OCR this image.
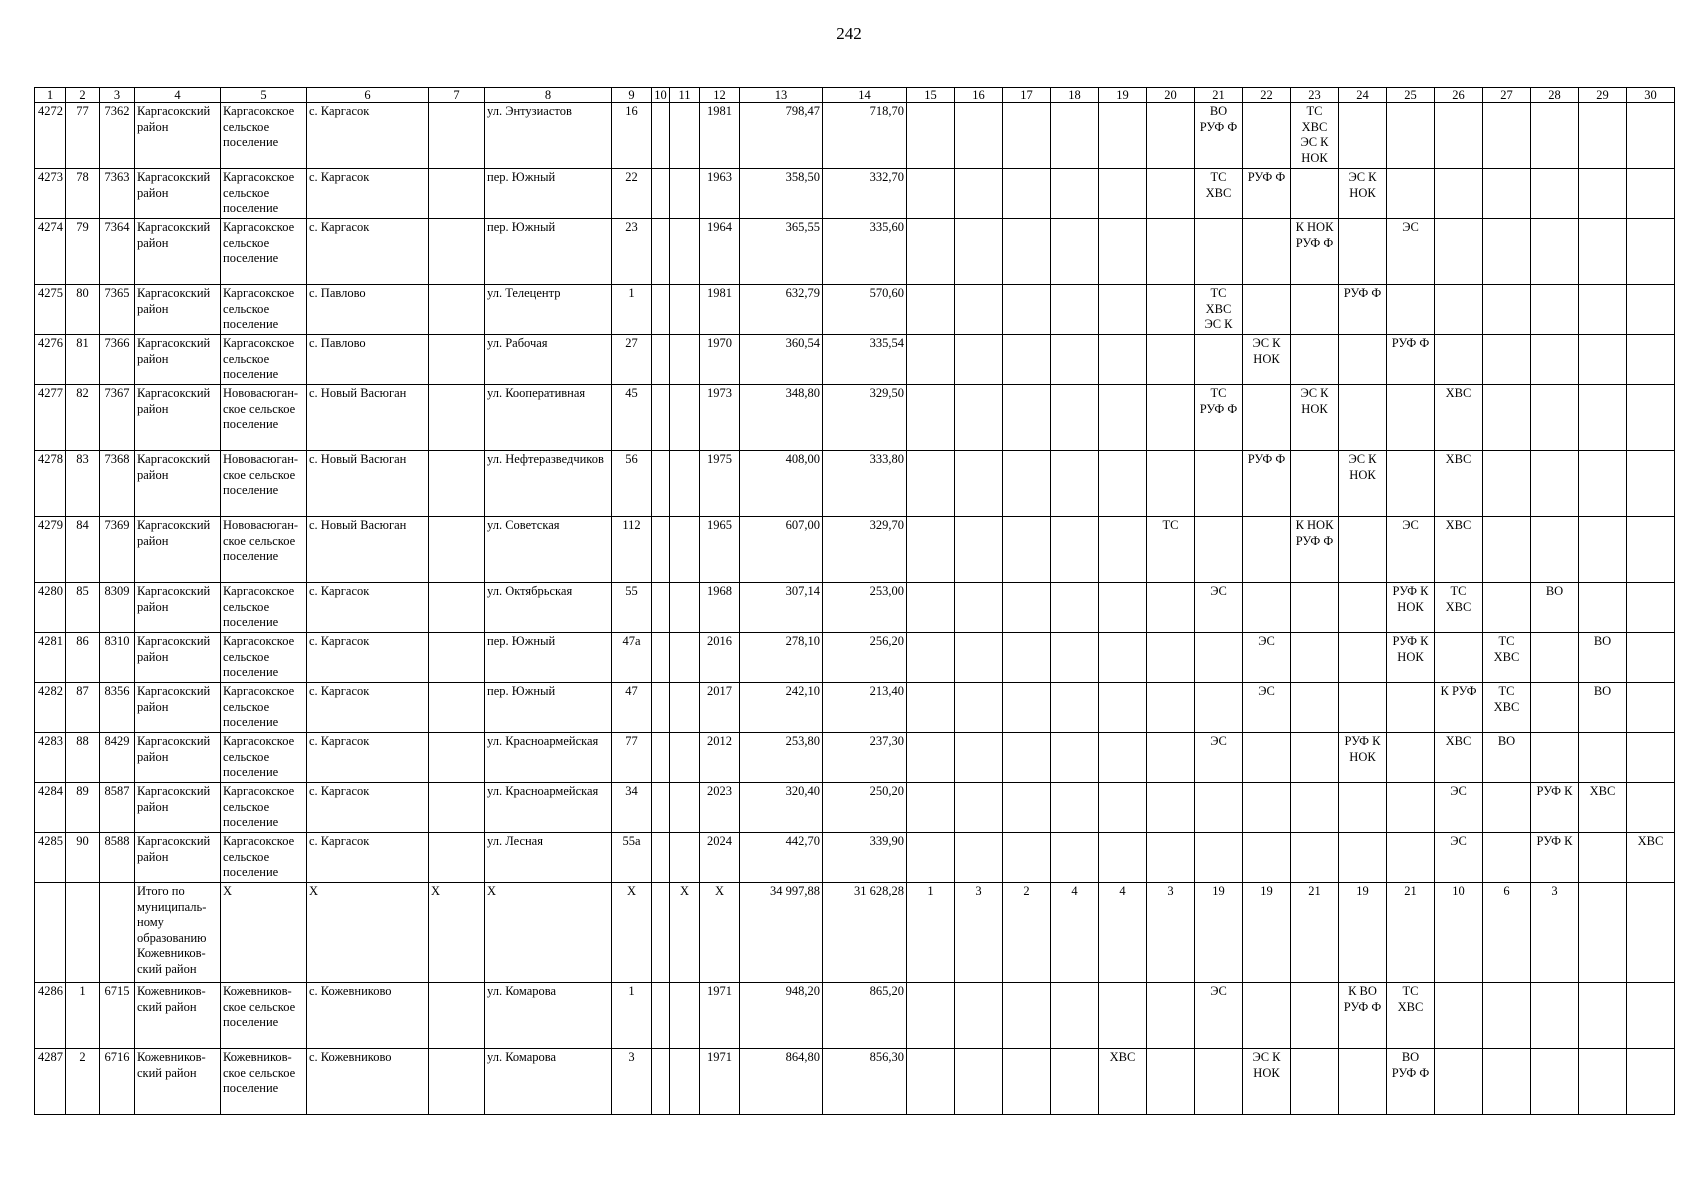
242
1	2	3	4	5	6	7	8	9	10	11	12	13	14	15	16	17	18	19	20	21	22	23	24	25	26	27	28	29	30
4272	77	7362	Каргасокский район	Каргасокское сельское поселение	с. Каргасок		ул. Энтузиастов	16			1981	798,47	718,70							ВО РУФ Ф		ТС ХВС ЭС К НОК							
4273	78	7363	Каргасокский район	Каргасокское сельское поселение	с. Каргасок		пер. Южный	22			1963	358,50	332,70							ТС ХВС	РУФ Ф		ЭС К НОК						
4274	79	7364	Каргасокский район	Каргасокское сельское поселение	с. Каргасок		пер. Южный	23			1964	365,55	335,60									К НОК РУФ Ф		ЭС					
4275	80	7365	Каргасокский район	Каргасокское сельское поселение	с. Павлово		ул. Телецентр	1			1981	632,79	570,60							ТС ХВС ЭС К			РУФ Ф						
4276	81	7366	Каргасокский район	Каргасокское сельское поселение	с. Павлово		ул. Рабочая	27			1970	360,54	335,54								ЭС К НОК			РУФ Ф					
4277	82	7367	Каргасокский район	Нововасюган-ское сельское поселение	с. Новый Васюган		ул. Кооперативная	45			1973	348,80	329,50							ТС РУФ Ф		ЭС К НОК			ХВС				
4278	83	7368	Каргасокский район	Нововасюган-ское сельское поселение	с. Новый Васюган		ул. Нефтеразведчиков	56			1975	408,00	333,80								РУФ Ф		ЭС К НОК		ХВС				
4279	84	7369	Каргасокский район	Нововасюган-ское сельское поселение	с. Новый Васюган		ул. Советская	112			1965	607,00	329,70						ТС			К НОК РУФ Ф		ЭС	ХВС				
4280	85	8309	Каргасокский район	Каргасокское сельское поселение	с. Каргасок		ул. Октябрьская	55			1968	307,14	253,00							ЭС				РУФ К НОК	ТС ХВС		ВО		
4281	86	8310	Каргасокский район	Каргасокское сельское поселение	с. Каргасок		пер. Южный	47а			2016	278,10	256,20								ЭС			РУФ К НОК		ТС ХВС		ВО	
4282	87	8356	Каргасокский район	Каргасокское сельское поселение	с. Каргасок		пер. Южный	47			2017	242,10	213,40								ЭС				К РУФ	ТС ХВС		ВО	
4283	88	8429	Каргасокский район	Каргасокское сельское поселение	с. Каргасок		ул. Красноармейская	77			2012	253,80	237,30							ЭС			РУФ К НОК		ХВС	ВО			
4284	89	8587	Каргасокский район	Каргасокское сельское поселение	с. Каргасок		ул. Красноармейская	34			2023	320,40	250,20												ЭС		РУФ К	ХВС	
4285	90	8588	Каргасокский район	Каргасокское сельское поселение	с. Каргасок		ул. Лесная	55а			2024	442,70	339,90												ЭС		РУФ К		ХВС
			Итого по муниципаль-ному образованию Кожевников-ский район	Х	Х	Х	Х	Х		Х	Х	34 997,88	31 628,28	1	3	2	4	4	3	19	19	21	19	21	10	6	3		
4286	1	6715	Кожевников-ский район	Кожевников-ское сельское поселение	с. Кожевниково		ул. Комарова	1			1971	948,20	865,20							ЭС			К ВО РУФ Ф	ТС ХВС					
4287	2	6716	Кожевников-ский район	Кожевников-ское сельское поселение	с. Кожевниково		ул. Комарова	3			1971	864,80	856,30					ХВС			ЭС К НОК			ВО РУФ Ф					
